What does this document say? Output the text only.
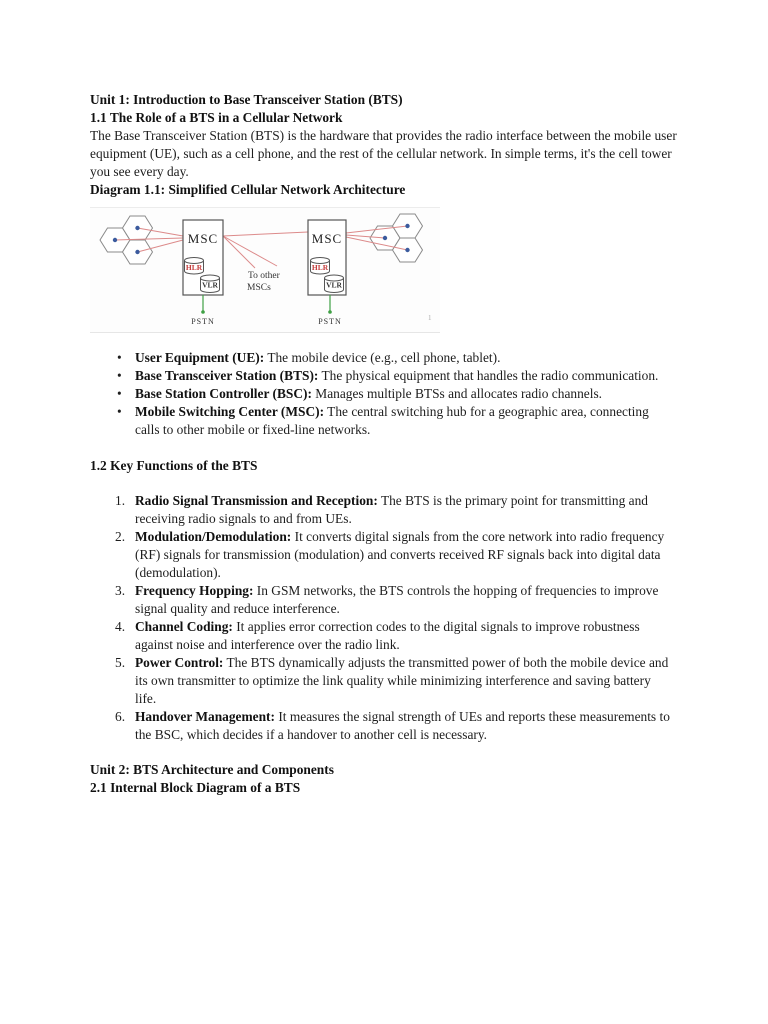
Unit 1: Introduction to Base Transceiver Station (BTS)
1.1 The Role of a BTS in a Cellular Network
The Base Transceiver Station (BTS) is the hardware that provides the radio interface between the mobile user equipment (UE), such as a cell phone, and the rest of the cellular network. In simple terms, it's the cell tower you see every day.
Diagram 1.1: Simplified Cellular Network Architecture
MSC
HLR
VLR
MSC
HLR
VLR
To other
MSCs
PSTN	PSTN	1
• User Equipment (UE): The mobile device (e.g., cell phone, tablet).
• Base Transceiver Station (BTS): The physical equipment that handles the radio communication.
• Base Station Controller (BSC): Manages multiple BTSs and allocates radio channels.
• Mobile Switching Center (MSC): The central switching hub for a geographic area, connecting calls to other mobile or fixed-line networks.
1.2 Key Functions of the BTS
1. Radio Signal Transmission and Reception: The BTS is the primary point for transmitting and receiving radio signals to and from UEs.
2. Modulation/Demodulation: It converts digital signals from the core network into radio frequency (RF) signals for transmission (modulation) and converts received RF signals back into digital data (demodulation).
3. Frequency Hopping: In GSM networks, the BTS controls the hopping of frequencies to improve signal quality and reduce interference.
4. Channel Coding: It applies error correction codes to the digital signals to improve robustness against noise and interference over the radio link.
5. Power Control: The BTS dynamically adjusts the transmitted power of both the mobile device and its own transmitter to optimize the link quality while minimizing interference and saving battery life.
6. Handover Management: It measures the signal strength of UEs and reports these measurements to the BSC, which decides if a handover to another cell is necessary.
Unit 2: BTS Architecture and Components
2.1 Internal Block Diagram of a BTS
